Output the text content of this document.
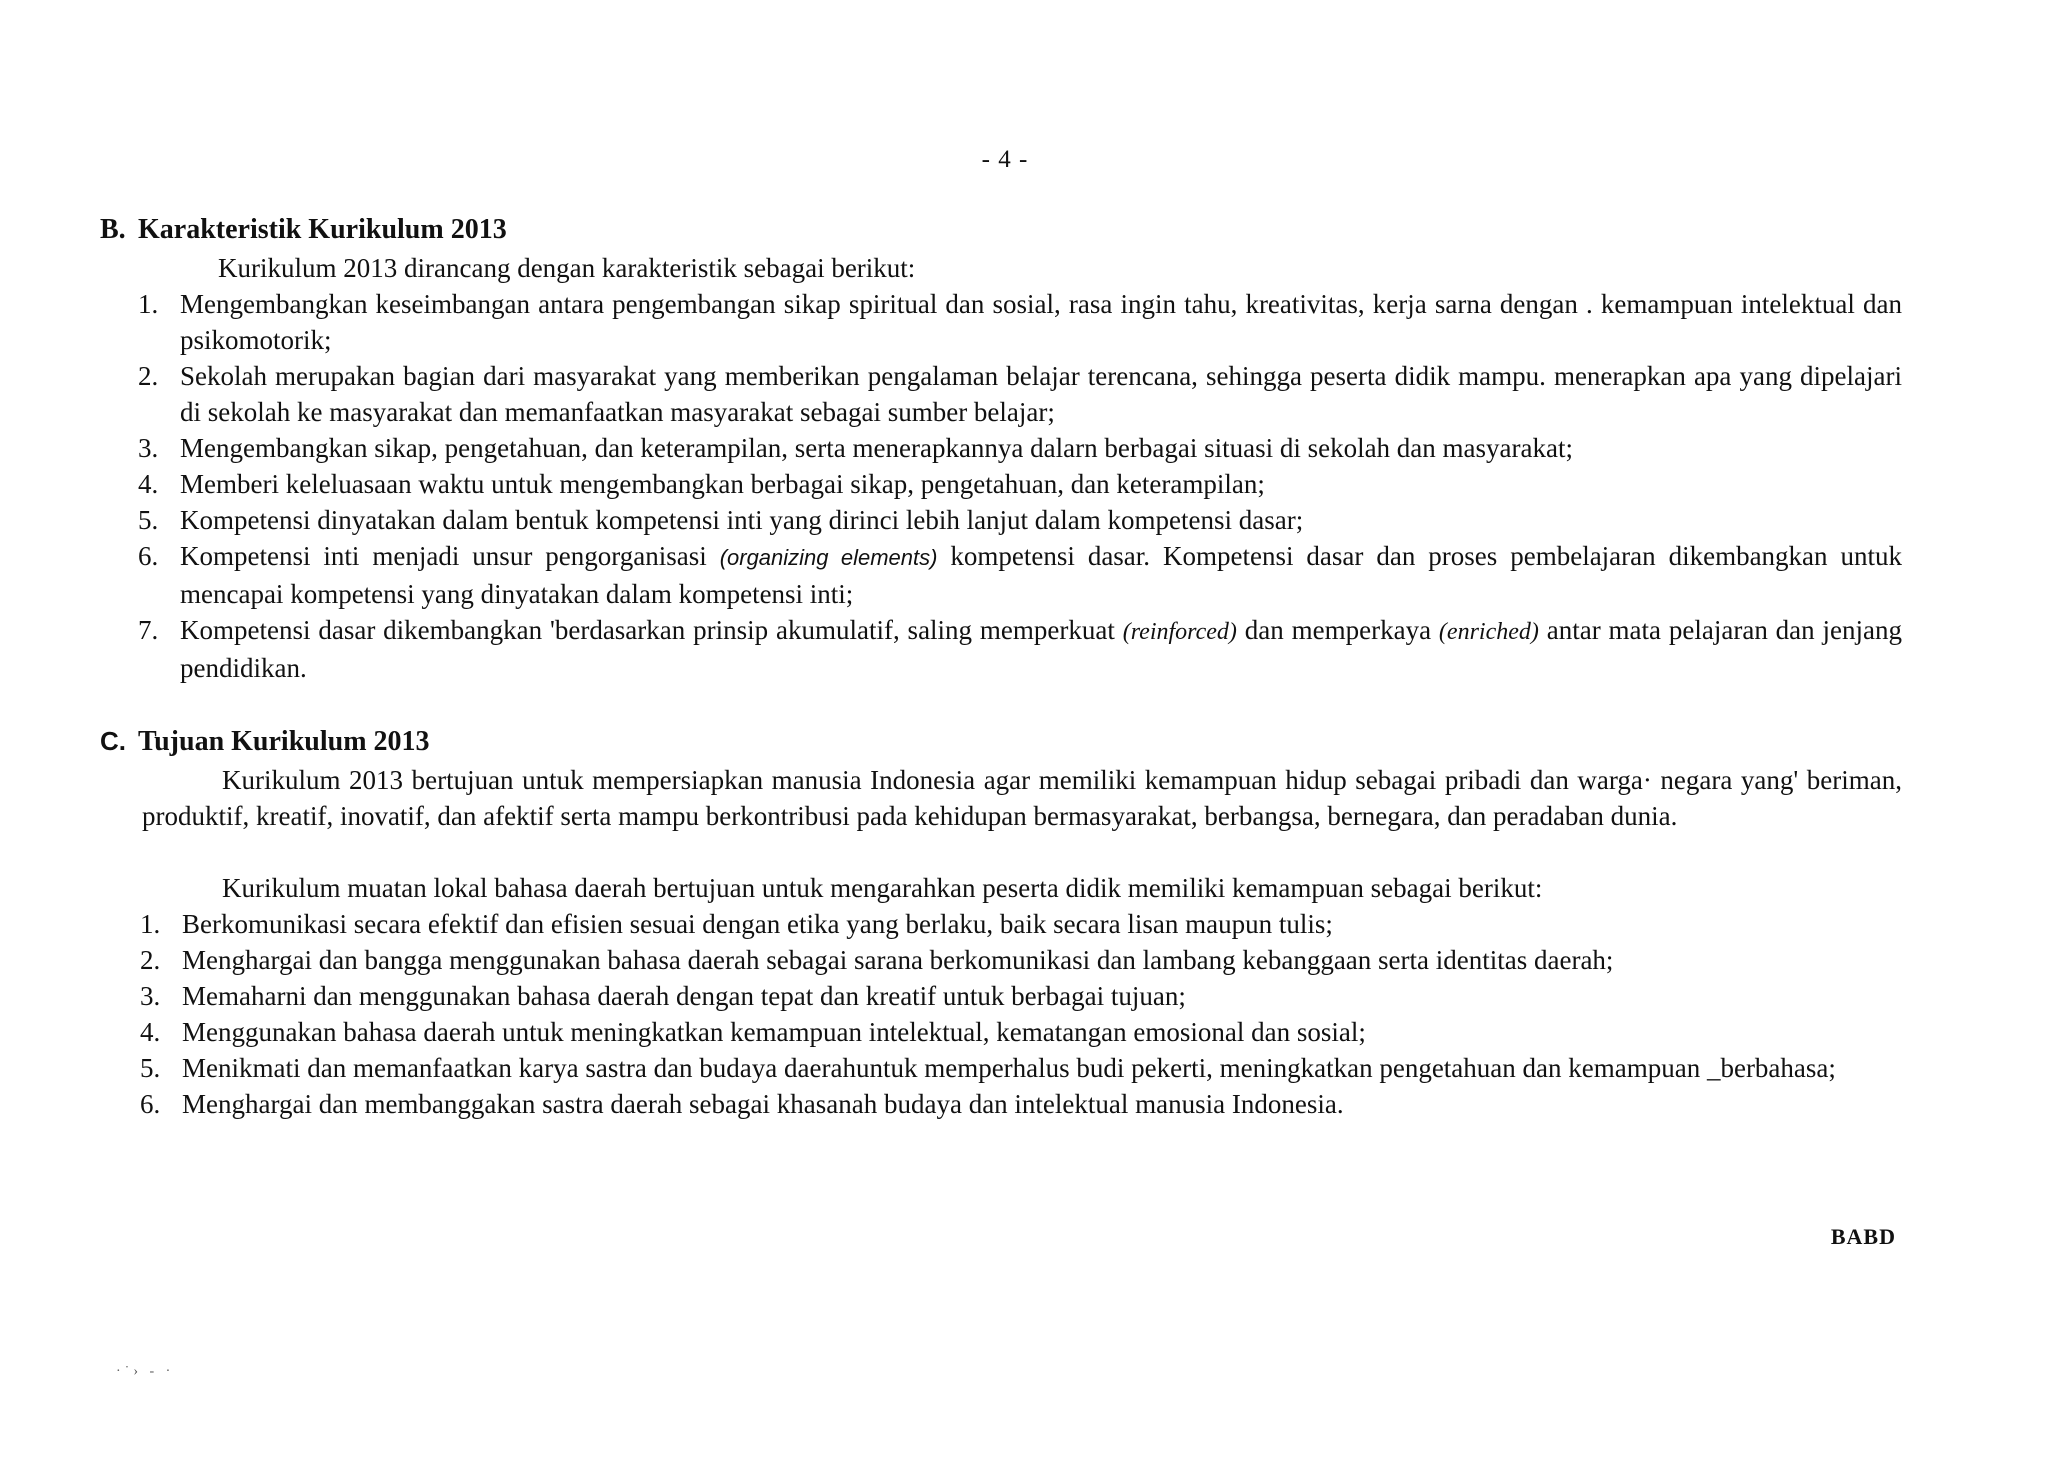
- 4 -
B. Karakteristik Kurikulum 2013
Kurikulum 2013 dirancang dengan karakteristik sebagai berikut:
1. Mengembangkan keseimbangan antara pengembangan sikap spiritual dan sosial, rasa ingin tahu, kreativitas, kerja sarna dengan . kemampuan intelektual dan psikomotorik;
2. Sekolah merupakan bagian dari masyarakat yang memberikan pengalaman belajar terencana, sehingga peserta didik mampu. menerapkan apa yang dipelajari di sekolah ke masyarakat dan memanfaatkan masyarakat sebagai sumber belajar;
3. Mengembangkan sikap, pengetahuan, dan keterampilan, serta menerapkannya dalarn berbagai situasi di sekolah dan masyarakat;
4. Memberi keleluasaan waktu untuk mengembangkan berbagai sikap, pengetahuan, dan keterampilan;
5. Kompetensi dinyatakan dalam bentuk kompetensi inti yang dirinci lebih lanjut dalam kompetensi dasar;
6. Kompetensi inti menjadi unsur pengorganisasi (organizing elements) kompetensi dasar. Kompetensi dasar dan proses pembelajaran dikembangkan untuk mencapai kompetensi yang dinyatakan dalam kompetensi inti;
7. Kompetensi dasar dikembangkan 'berdasarkan prinsip akumulatif, saling memperkuat (reinforced) dan memperkaya (enriched) antar mata pelajaran dan jenjang pendidikan.
C. Tujuan Kurikulum 2013
Kurikulum 2013 bertujuan untuk mempersiapkan manusia Indonesia agar memiliki kemampuan hidup sebagai pribadi dan warga· negara yang' beriman, produktif, kreatif, inovatif, dan afektif serta mampu berkontribusi pada kehidupan bermasyarakat, berbangsa, bernegara, dan peradaban dunia.
Kurikulum muatan lokal bahasa daerah bertujuan untuk mengarahkan peserta didik memiliki kemampuan sebagai berikut:
1. Berkomunikasi secara efektif dan efisien sesuai dengan etika yang berlaku, baik secara lisan maupun tulis;
2. Menghargai dan bangga menggunakan bahasa daerah sebagai sarana berkomunikasi dan lambang kebanggaan serta identitas daerah;
3. Memaharni dan menggunakan bahasa daerah dengan tepat dan kreatif untuk berbagai tujuan;
4. Menggunakan bahasa daerah untuk meningkatkan kemampuan intelektual, kematangan emosional dan sosial;
5. Menikmati dan memanfaatkan karya sastra dan budaya daerahuntuk memperhalus budi pekerti, meningkatkan pengetahuan dan kemampuan _berbahasa;
6. Menghargai dan membanggakan sastra daerah sebagai khasanah budaya dan intelektual manusia Indonesia.
BABD
·˙› - ·
